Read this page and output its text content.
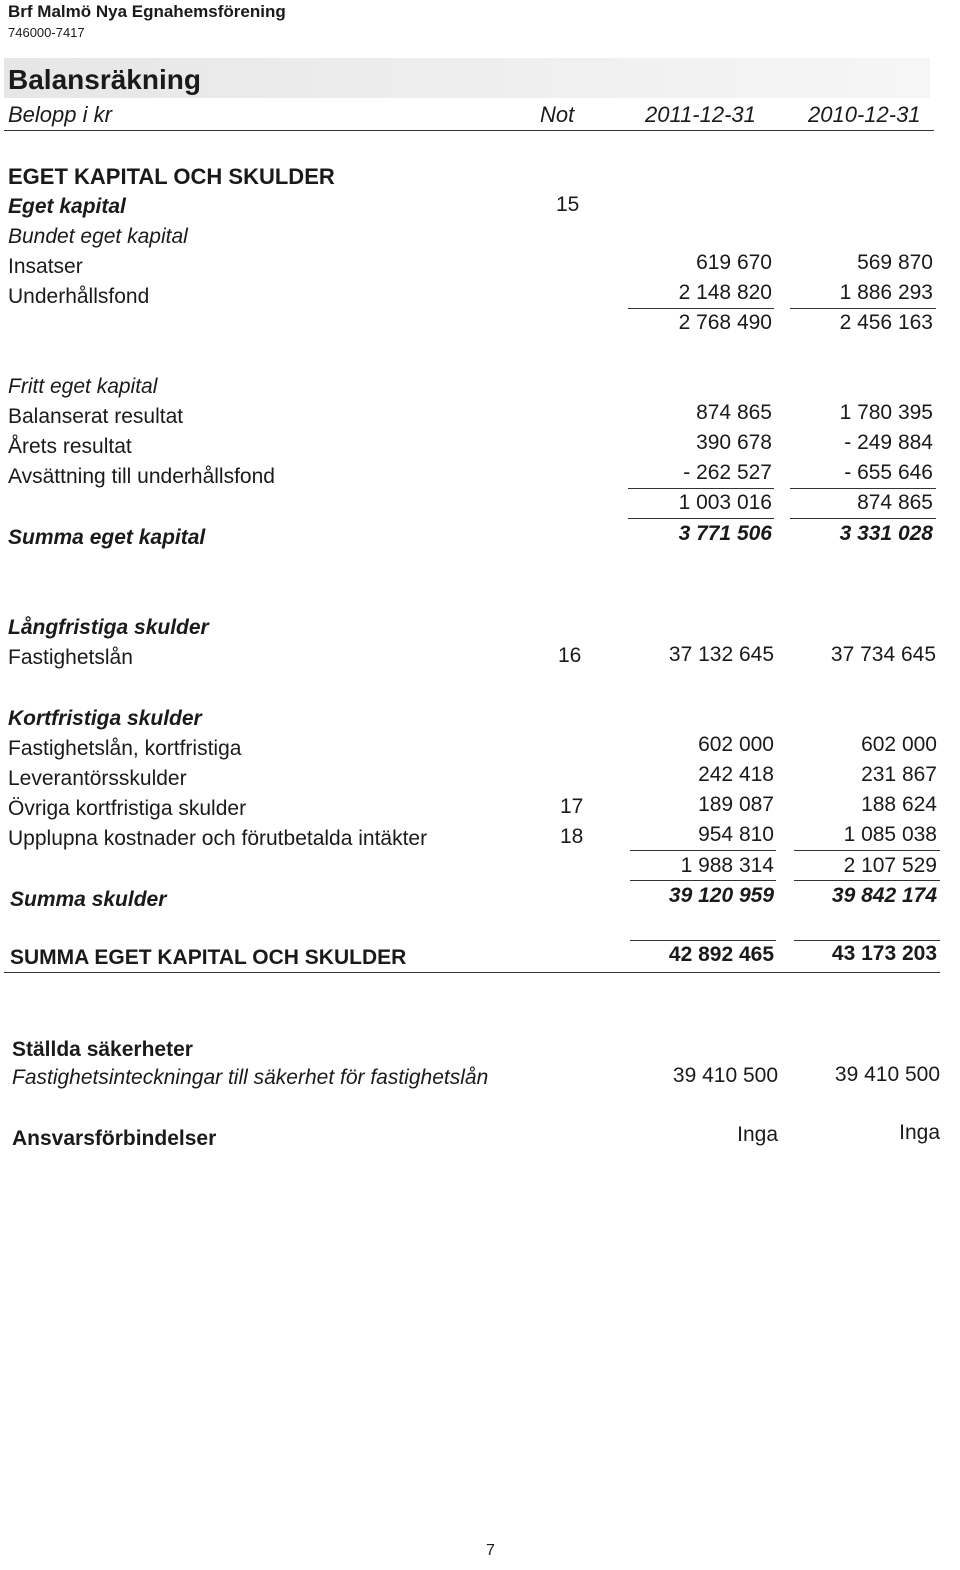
Brf Malmö Nya Egnahemsförening
746000-7417
Balansräkning
Belopp i kr	Not	2011-12-31 2010-12-31
EGET KAPITAL OCH SKULDER
Eget kapital	15
Bundet eget kapital
Insatser	619 670	569 870
Underhållsfond	2 148 820	1 886 293
2 768 490	2 456 163
Fritt eget kapital
Balanserat resultat	874 865	1 780 395
Årets resultat	390 678	- 249 884
Avsättning till underhållsfond	- 262 527	- 655 646
1 003 016	874 865
Summa eget kapital	3 771 506	3 331 028
Långfristiga skulder
Fastighetslån	16	37 132 645	37 734 645
Kortfristiga skulder
Fastighetslån, kortfristiga	602 000	602 000
Leverantörsskulder	242 418	231 867
Övriga kortfristiga skulder	17	189 087	188 624
Upplupna kostnader och förutbetalda intäkter	18	954 810	1 085 038
1 988 314	2 107 529
Summa skulder	39 120 959	39 842 174
SUMMA EGET KAPITAL OCH SKULDER	42 892 465	43 173 203
Ställda säkerheter
Fastighetsinteckningar till säkerhet för fastighetslån	39 410 500	39 410 500
Ansvarsförbindelser	Inga	Inga
7
